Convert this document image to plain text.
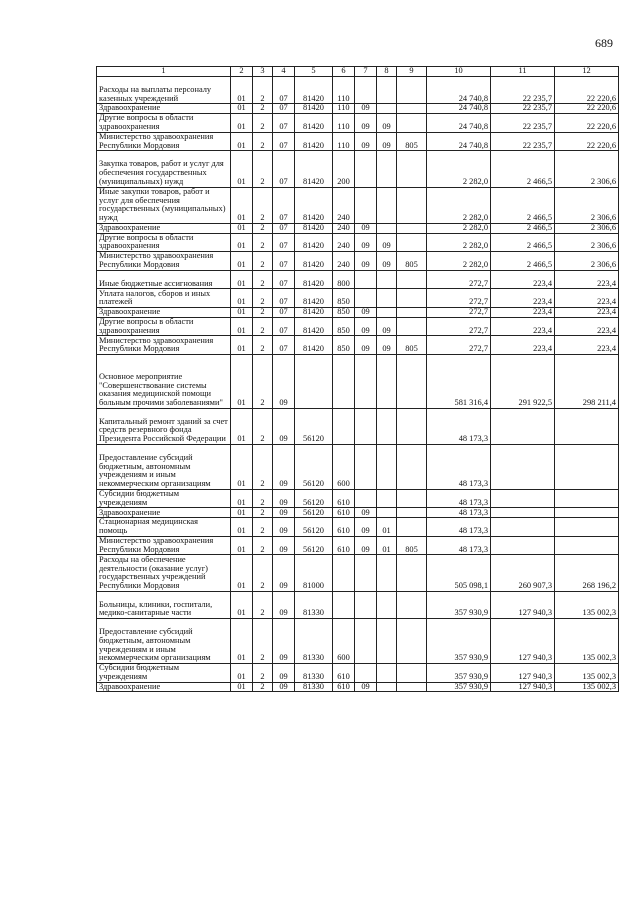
689
1	2	3	4	5	6	7	8	9	10	11	12
Расходы на выплаты персоналу казенных учреждений	01	2	07	81420	110				24 740,8	22 235,7	22 220,6
Здравоохранение	01	2	07	81420	110	09			24 740,8	22 235,7	22 220,6
Другие вопросы в области здравоохранения	01	2	07	81420	110	09	09		24 740,8	22 235,7	22 220,6
Министерство здравоохранения Республики Мордовия	01	2	07	81420	110	09	09	805	24 740,8	22 235,7	22 220,6
Закупка товаров, работ и услуг для обеспечения государственных (муниципальных) нужд	01	2	07	81420	200				2 282,0	2 466,5	2 306,6
Иные закупки товаров, работ и услуг для обеспечения государственных (муниципальных) нужд	01	2	07	81420	240				2 282,0	2 466,5	2 306,6
Здравоохранение	01	2	07	81420	240	09			2 282,0	2 466,5	2 306,6
Другие вопросы в области здравоохранения	01	2	07	81420	240	09	09		2 282,0	2 466,5	2 306,6
Министерство здравоохранения Республики Мордовия	01	2	07	81420	240	09	09	805	2 282,0	2 466,5	2 306,6
Иные бюджетные ассигнования	01	2	07	81420	800				272,7	223,4	223,4
Уплата налогов, сборов и иных платежей	01	2	07	81420	850				272,7	223,4	223,4
Здравоохранение	01	2	07	81420	850	09			272,7	223,4	223,4
Другие вопросы в области здравоохранения	01	2	07	81420	850	09	09		272,7	223,4	223,4
Министерство здравоохранения Республики Мордовия	01	2	07	81420	850	09	09	805	272,7	223,4	223,4
Основное мероприятие "Совершенствование системы оказания медицинской помощи больным прочими заболеваниями"	01	2	09						581 316,4	291 922,5	298 211,4
Капитальный ремонт зданий за счет средств резервного фонда Президента Российской Федерации	01	2	09	56120					48 173,3		
Предоставление субсидий бюджетным, автономным учреждениям и иным некоммерческим организациям	01	2	09	56120	600				48 173,3		
Субсидии бюджетным учреждениям	01	2	09	56120	610				48 173,3		
Здравоохранение	01	2	09	56120	610	09			48 173,3		
Стационарная медицинская помощь	01	2	09	56120	610	09	01		48 173,3		
Министерство здравоохранения Республики Мордовия	01	2	09	56120	610	09	01	805	48 173,3		
Расходы на обеспечение деятельности (оказание услуг) государственных учреждений Республики Мордовия	01	2	09	81000					505 098,1	260 907,3	268 196,2
Больницы, клиники, госпитали, медико-санитарные части	01	2	09	81330					357 930,9	127 940,3	135 002,3
Предоставление субсидий бюджетным, автономным учреждениям и иным некоммерческим организациям	01	2	09	81330	600				357 930,9	127 940,3	135 002,3
Субсидии бюджетным учреждениям	01	2	09	81330	610				357 930,9	127 940,3	135 002,3
Здравоохранение	01	2	09	81330	610	09			357 930,9	127 940,3	135 002,3
